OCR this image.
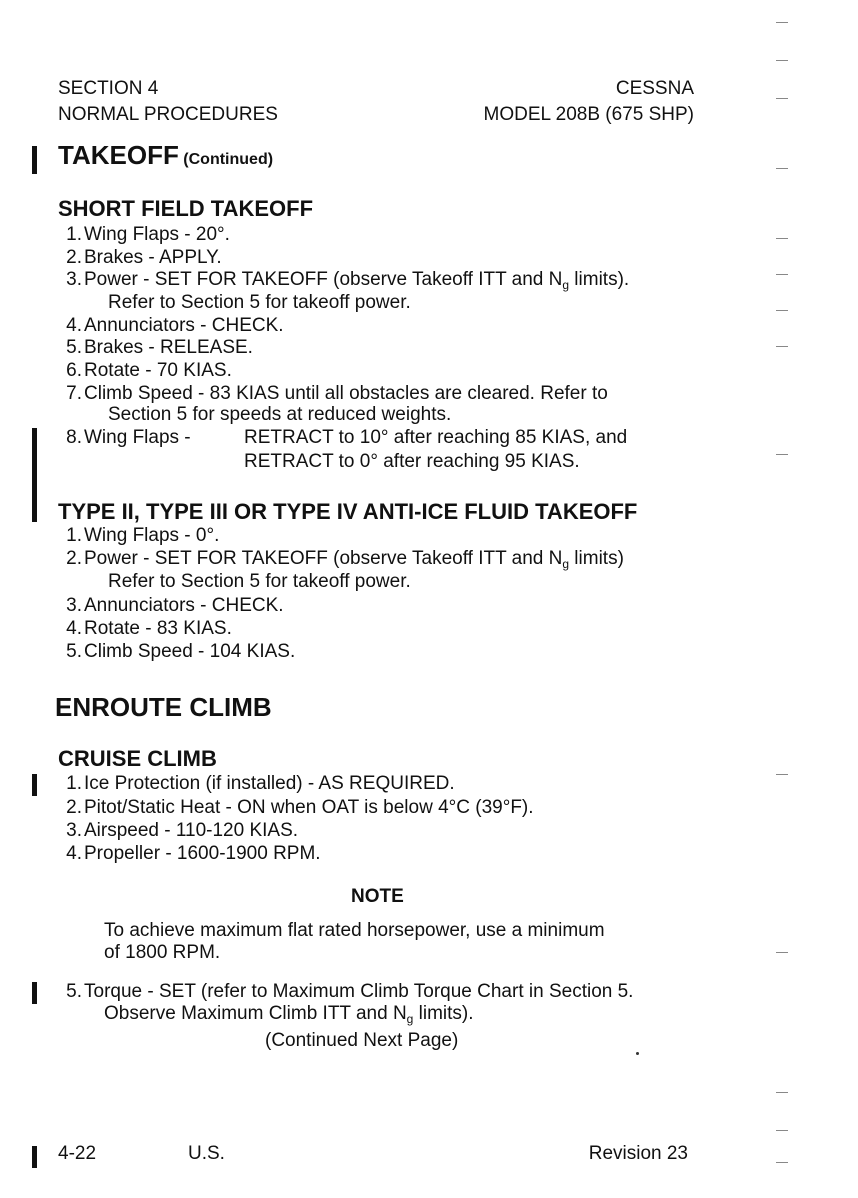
SECTION 4
NORMAL PROCEDURES
CESSNA
MODEL 208B (675 SHP)
TAKEOFF (Continued)
SHORT FIELD TAKEOFF
1. Wing Flaps - 20°.
2. Brakes - APPLY.
3. Power - SET FOR TAKEOFF (observe Takeoff ITT and $N_g$ limits).
Refer to Section 5 for takeoff power.
4. Annunciators - CHECK.
5. Brakes - RELEASE.
6. Rotate - 70 KIAS.
7. Climb Speed - 83 KIAS until all obstacles are cleared. Refer to
Section 5 for speeds at reduced weights.
8. Wing Flaps -	RETRACT to 10° after reaching 85 KIAS, and
RETRACT to 0° after reaching 95 KIAS.
TYPE II, TYPE III OR TYPE IV ANTI-ICE FLUID TAKEOFF
1. Wing Flaps - 0°.
2. Power - SET FOR TAKEOFF (observe Takeoff ITT and $N_g$ limits)
Refer to Section 5 for takeoff power.
3. Annunciators - CHECK.
4. Rotate - 83 KIAS.
5. Climb Speed - 104 KIAS.
ENROUTE CLIMB
CRUISE CLIMB
1. Ice Protection (if installed) - AS REQUIRED.
2. Pitot/Static Heat - ON when OAT is below 4°C (39°F).
3. Airspeed - 110-120 KIAS.
4. Propeller - 1600-1900 RPM.
NOTE
To achieve maximum flat rated horsepower, use a minimum
of 1800 RPM.
5. Torque - SET (refer to Maximum Climb Torque Chart in Section 5.
Observe Maximum Climb ITT and $N_g$ limits).
(Continued Next Page)
4-22	U.S.	Revision 23
